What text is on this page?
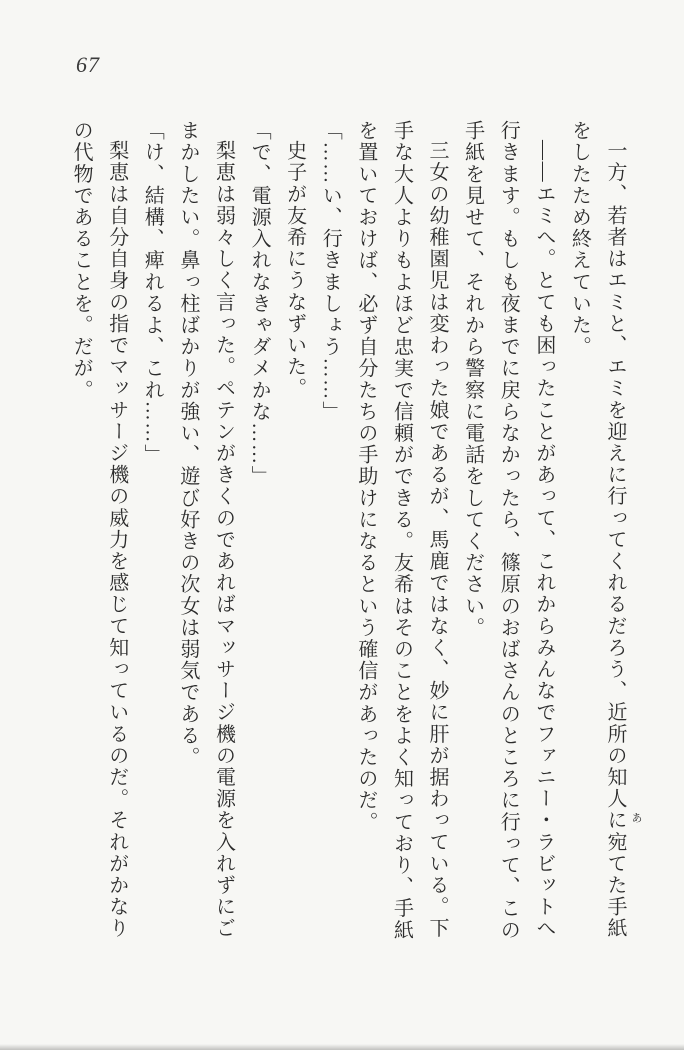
67

一方、若者はエミと、エミを迎えに行ってくれるだろう、近所の知人に宛てた手紙をしたため終えていた。

――エミへ。とても困ったことがあって、これからみんなでファニー・ラビットへ行きます。もしも夜までに戻らなかったら、篠原のおばさんのところに行って、この手紙を見せて、それから警察に電話をしてください。

三女の幼稚園児は変わった娘であるが、馬鹿ではなく、妙に肝が据わっている。下手な大人よりもよほど忠実で信頼ができる。友希はそのことをよく知っており、手紙を置いておけば、必ず自分たちの手助けになるという確信があったのだ。

「……い、行きましょう……」

史子が友希にうなずいた。

「で、電源入れなきゃダメかな……」

梨恵は弱々しく言った。ペテンがきくのであればマッサージ機の電源を入れずにごまかしたい。鼻っ柱ばかりが強い、遊び好きの次女は弱気である。

「け、結構、痺れるよ、これ……」

梨恵は自分自身の指でマッサージ機の威力を感じて知っているのだ。それがかなりの代物であることを。だが。

あ
